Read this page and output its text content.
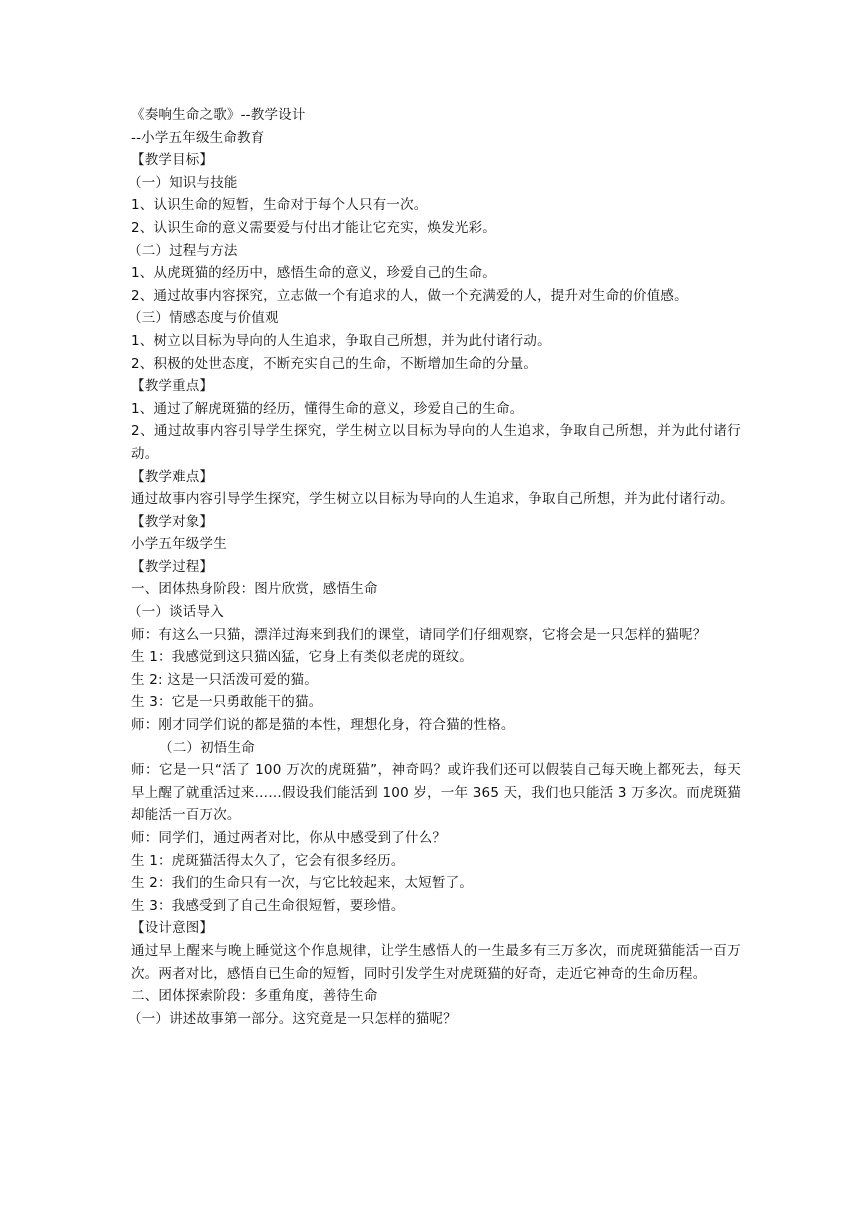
《奏响生命之歌》--教学设计
--小学五年级生命教育
【教学目标】
（一）知识与技能
1、认识生命的短暂，生命对于每个人只有一次。
2、认识生命的意义需要爱与付出才能让它充实，焕发光彩。
（二）过程与方法
1、从虎斑猫的经历中，感悟生命的意义，珍爱自己的生命。
2、通过故事内容探究，立志做一个有追求的人，做一个充满爱的人，提升对生命的价值感。
（三）情感态度与价值观
1、树立以目标为导向的人生追求，争取自己所想，并为此付诸行动。
2、积极的处世态度，不断充实自己的生命，不断增加生命的分量。
【教学重点】
1、通过了解虎斑猫的经历，懂得生命的意义，珍爱自己的生命。
2、通过故事内容引导学生探究，学生树立以目标为导向的人生追求，争取自己所想，并为此付诸行动。
【教学难点】
通过故事内容引导学生探究，学生树立以目标为导向的人生追求，争取自己所想，并为此付诸行动。
【教学对象】
小学五年级学生
【教学过程】
一、团体热身阶段：图片欣赏，感悟生命
（一）谈话导入
师：有这么一只猫，漂洋过海来到我们的课堂，请同学们仔细观察，它将会是一只怎样的猫呢？
生 1：我感觉到这只猫凶猛，它身上有类似老虎的斑纹。
生 2: 这是一只活泼可爱的猫。
生 3：它是一只勇敢能干的猫。
师：刚才同学们说的都是猫的本性，理想化身，符合猫的性格。
（二）初悟生命
师：它是一只“活了 100 万次的虎斑猫”，神奇吗？或许我们还可以假装自己每天晚上都死去，每天早上醒了就重活过来……假设我们能活到 100 岁，一年 365 天，我们也只能活 3 万多次。而虎斑猫却能活一百万次。
师：同学们，通过两者对比，你从中感受到了什么？
生 1：虎斑猫活得太久了，它会有很多经历。
生 2：我们的生命只有一次，与它比较起来，太短暂了。
生 3：我感受到了自己生命很短暂，要珍惜。
【设计意图】
通过早上醒来与晚上睡觉这个作息规律，让学生感悟人的一生最多有三万多次，而虎斑猫能活一百万次。两者对比，感悟自已生命的短暂，同时引发学生对虎斑猫的好奇，走近它神奇的生命历程。
二、团体探索阶段：多重角度，善待生命
（一）讲述故事第一部分。这究竟是一只怎样的猫呢？
